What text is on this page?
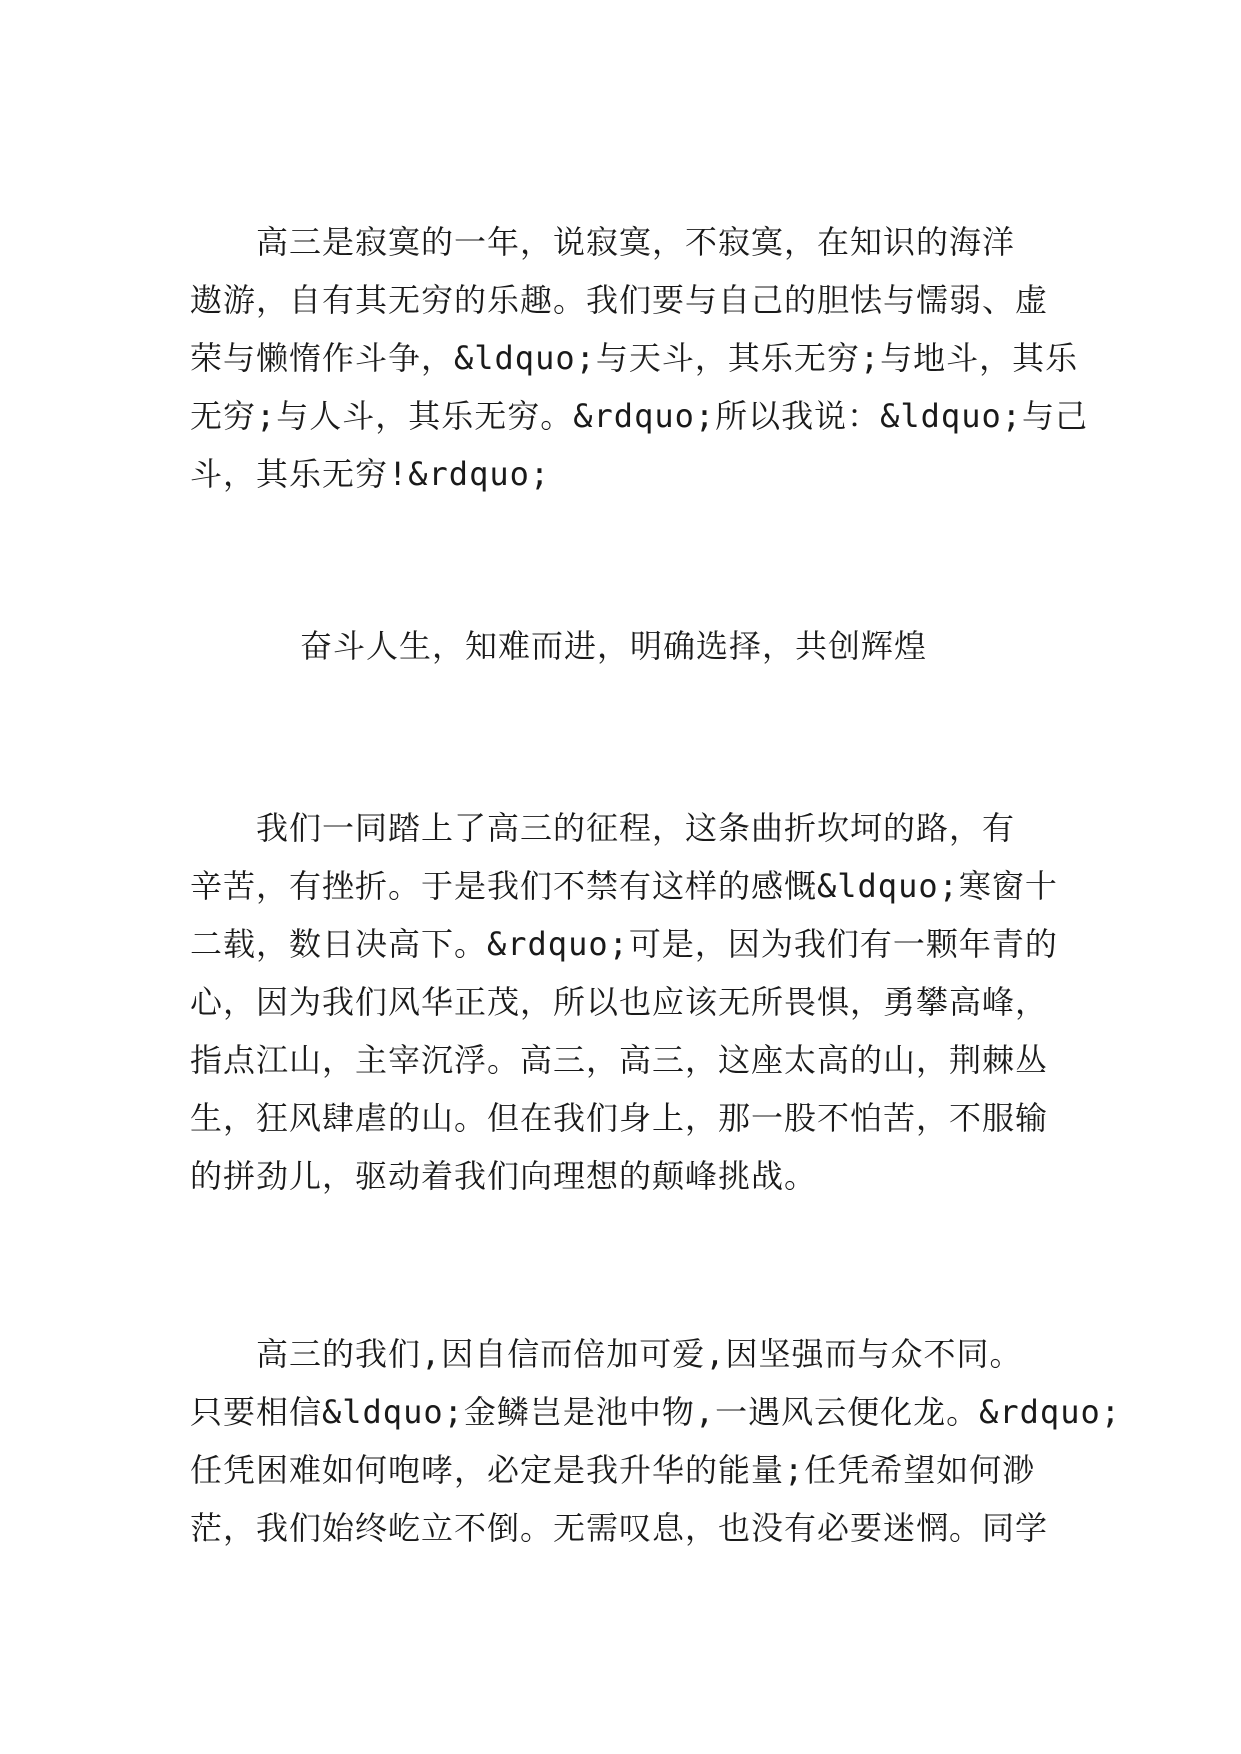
　　高三是寂寞的一年，说寂寞，不寂寞，在知识的海洋
遨游，自有其无穷的乐趣。我们要与自己的胆怯与懦弱、虚
荣与懒惰作斗争，&ldquo;与天斗，其乐无穷;与地斗，其乐
无穷;与人斗，其乐无穷。&rdquo;所以我说：&ldquo;与己
斗，其乐无穷!&rdquo;
奋斗人生，知难而进，明确选择，共创辉煌
　　我们一同踏上了高三的征程，这条曲折坎坷的路，有
辛苦，有挫折。于是我们不禁有这样的感慨&ldquo;寒窗十
二载，数日决高下。&rdquo;可是，因为我们有一颗年青的
心，因为我们风华正茂，所以也应该无所畏惧，勇攀高峰，
指点江山，主宰沉浮。高三，高三，这座太高的山，荆棘丛
生，狂风肆虐的山。但在我们身上，那一股不怕苦，不服输
的拼劲儿，驱动着我们向理想的颠峰挑战。
　　高三的我们,因自信而倍加可爱,因坚强而与众不同。
只要相信&ldquo;金鳞岂是池中物,一遇风云便化龙。&rdquo;
任凭困难如何咆哮，必定是我升华的能量;任凭希望如何渺
茫，我们始终屹立不倒。无需叹息，也没有必要迷惘。同学
